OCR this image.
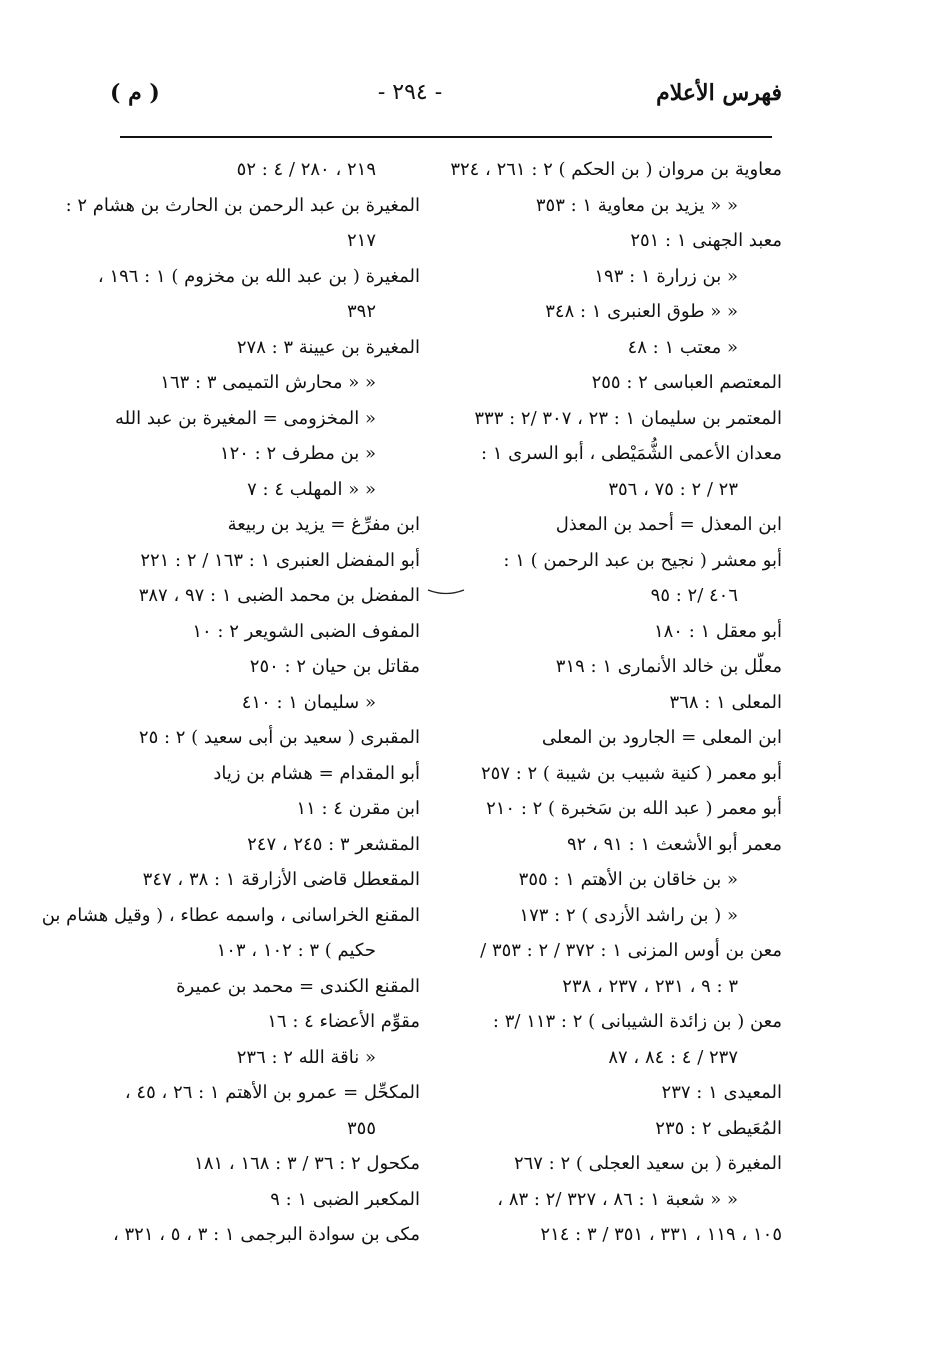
فهرس الأعلام
- ٢٩٤ -
( م )
معاوية بن مروان ( بن الحكم ) ٢ : ٢٦١ ، ٣٢٤
« « يزيد بن معاوية ١ : ٣٥٣
معبد الجهنى ١ : ٢٥١
« بن زرارة ١ : ١٩٣
« « طوق العنبرى ١ : ٣٤٨
« معتب ١ : ٤٨
المعتصم العباسى ٢ : ٢٥٥
المعتمر بن سليمان ١ : ٢٣ ، ٣٠٧ /٢ : ٣٣٣
معدان الأعمى الشُّمَيْطى ، أبو السرى ١ :
٢٣ / ٢ : ٧٥ ، ٣٥٦
ابن المعذل = أحمد بن المعذل
أبو معشر ( نجيح بن عبد الرحمن ) ١ :
٤٠٦ /٢ : ٩٥
أبو معقل ١ : ١٨٠
معلّل بن خالد الأنمارى ١ : ٣١٩
المعلى ١ : ٣٦٨
ابن المعلى = الجارود بن المعلى
أبو معمر ( كنية شبيب بن شيبة ) ٢ : ٢٥٧
أبو معمر ( عبد الله بن سَخبرة ) ٢ : ٢١٠
معمر أبو الأشعث ١ : ٩١ ، ٩٢
« بن خاقان بن الأهتم ١ : ٣٥٥
« ( بن راشد الأزدى ) ٢ : ١٧٣
معن بن أوس المزنى ١ : ٣٧٢ / ٢ : ٣٥٣ /
٣ : ٩ ، ٢٣١ ، ٢٣٧ ، ٢٣٨
معن ( بن زائدة الشيبانى ) ٢ : ١١٣ /٣ :
٢٣٧ / ٤ : ٨٤ ، ٨٧
المعيدى ١ : ٢٣٧
المُعَيطى ٢ : ٢٣٥
المغيرة ( بن سعيد العجلى ) ٢ : ٢٦٧
« « شعبة ١ : ٨٦ ، ٣٢٧ /٢ : ٨٣ ،
١٠٥ ، ١١٩ ، ٣٣١ ، ٣٥١ / ٣ : ٢١٤
٢١٩ ، ٢٨٠ / ٤ : ٥٢
المغيرة بن عبد الرحمن بن الحارث بن هشام ٢ :
٢١٧
المغيرة ( بن عبد الله بن مخزوم ) ١ : ١٩٦ ،
٣٩٢
المغيرة بن عيينة ٣ : ٢٧٨
« « محارش التميمى ٣ : ١٦٣
« المخزومى = المغيرة بن عبد الله
« بن مطرف ٢ : ١٢٠
« « المهلب ٤ : ٧
ابن مفرِّغ = يزيد بن ربيعة
أبو المفضل العنبرى ١ : ١٦٣ / ٢ : ٢٢١
المفضل بن محمد الضبى ١ : ٩٧ ، ٣٨٧
المفوف الضبى الشويعر ٢ : ١٠
مقاتل بن حيان ٢ : ٢٥٠
« سليمان ١ : ٤١٠
المقبرى ( سعيد بن أبى سعيد ) ٢ : ٢٥
أبو المقدام = هشام بن زياد
ابن مقرن ٤ : ١١
المقشعر ٣ : ٢٤٥ ، ٢٤٧
المقعطل قاضى الأزارقة ١ : ٣٨ ، ٣٤٧
المقنع الخراسانى ، واسمه عطاء ، ( وقيل هشام بن
حكيم ) ٣ : ١٠٢ ، ١٠٣
المقنع الكندى = محمد بن عميرة
مقوِّم الأعضاء ٤ : ١٦
« ناقة الله ٢ : ٢٣٦
المكحِّل = عمرو بن الأهتم ١ : ٢٦ ، ٤٥ ،
٣٥٥
مكحول ٢ : ٣٦ / ٣ : ١٦٨ ، ١٨١
المكعبر الضبى ١ : ٩
مكى بن سوادة البرجمى ١ : ٣ ، ٥ ، ٣٢١ ،
